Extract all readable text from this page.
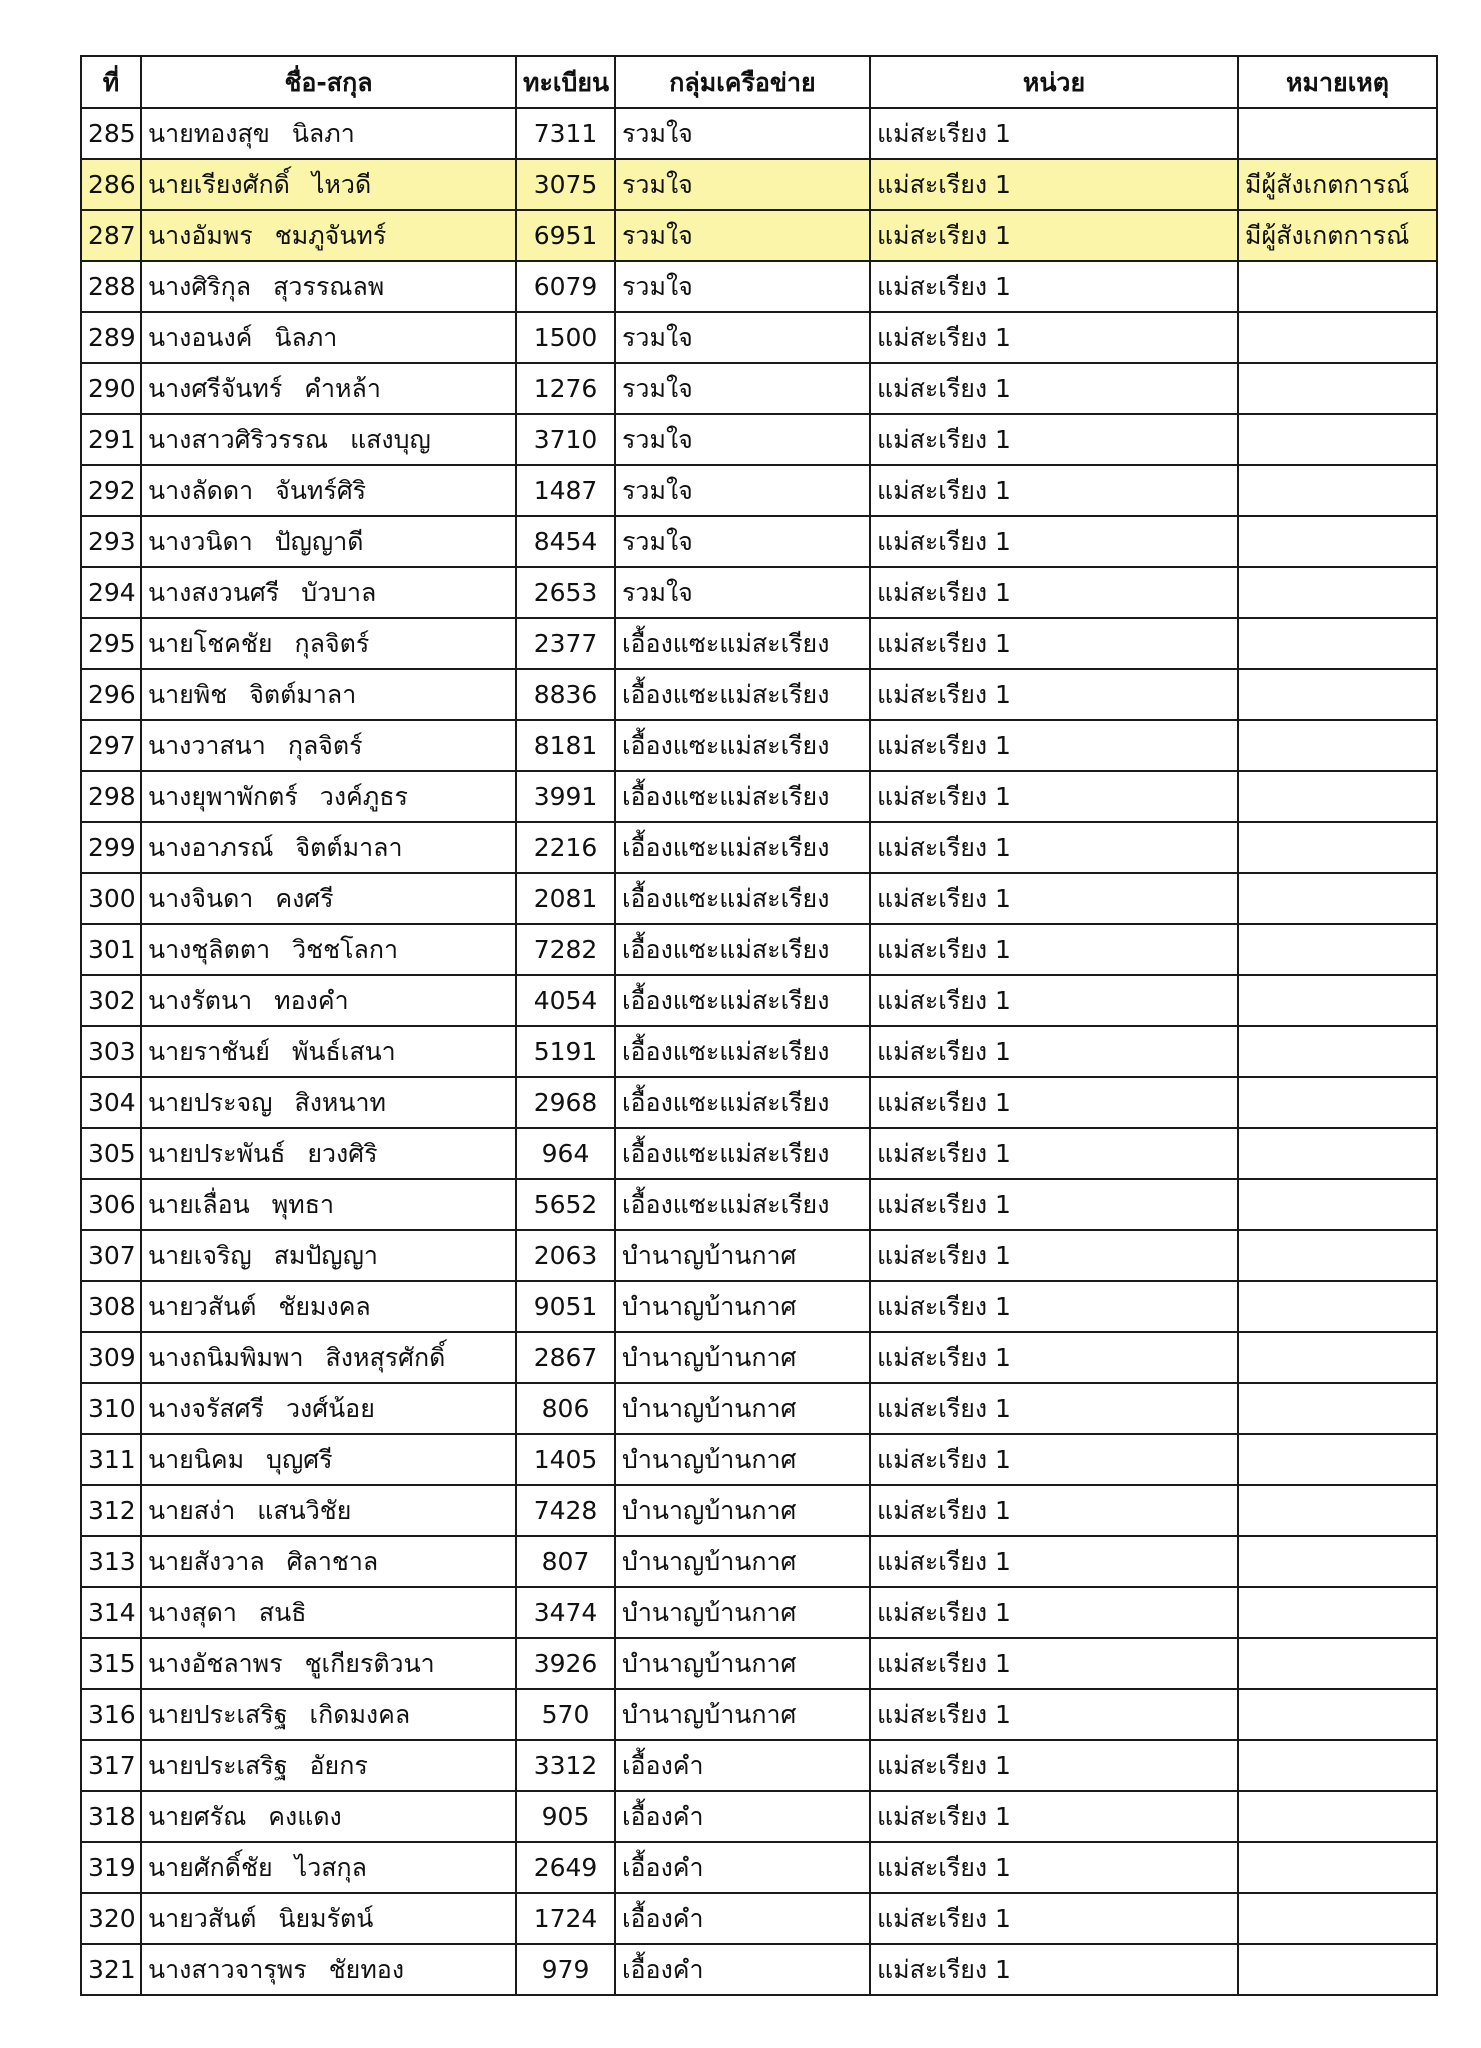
ที่	ชื่อ-สกุล	ทะเบียน	กลุ่มเครือข่าย	หน่วย	หมายเหตุ
285	นายทองสุข นิลภา	7311	รวมใจ	แม่สะเรียง 1	
286	นายเรียงศักดิ์ ไหวดี	3075	รวมใจ	แม่สะเรียง 1	มีผู้สังเกตการณ์
287	นางอัมพร ชมภูจันทร์	6951	รวมใจ	แม่สะเรียง 1	มีผู้สังเกตการณ์
288	นางศิริกุล สุวรรณลพ	6079	รวมใจ	แม่สะเรียง 1	
289	นางอนงค์ นิลภา	1500	รวมใจ	แม่สะเรียง 1	
290	นางศรีจันทร์ คำหล้า	1276	รวมใจ	แม่สะเรียง 1	
291	นางสาวศิริวรรณ แสงบุญ	3710	รวมใจ	แม่สะเรียง 1	
292	นางลัดดา จันทร์ศิริ	1487	รวมใจ	แม่สะเรียง 1	
293	นางวนิดา ปัญญาดี	8454	รวมใจ	แม่สะเรียง 1	
294	นางสงวนศรี บัวบาล	2653	รวมใจ	แม่สะเรียง 1	
295	นายโชคชัย กุลจิตร์	2377	เอื้องแซะแม่สะเรียง	แม่สะเรียง 1	
296	นายพิช จิตต์มาลา	8836	เอื้องแซะแม่สะเรียง	แม่สะเรียง 1	
297	นางวาสนา กุลจิตร์	8181	เอื้องแซะแม่สะเรียง	แม่สะเรียง 1	
298	นางยุพาพักตร์ วงค์ภูธร	3991	เอื้องแซะแม่สะเรียง	แม่สะเรียง 1	
299	นางอาภรณ์ จิตต์มาลา	2216	เอื้องแซะแม่สะเรียง	แม่สะเรียง 1	
300	นางจินดา คงศรี	2081	เอื้องแซะแม่สะเรียง	แม่สะเรียง 1	
301	นางชุลิตตา วิชชโลกา	7282	เอื้องแซะแม่สะเรียง	แม่สะเรียง 1	
302	นางรัตนา ทองคำ	4054	เอื้องแซะแม่สะเรียง	แม่สะเรียง 1	
303	นายราชันย์ พันธ์เสนา	5191	เอื้องแซะแม่สะเรียง	แม่สะเรียง 1	
304	นายประจญ สิงหนาท	2968	เอื้องแซะแม่สะเรียง	แม่สะเรียง 1	
305	นายประพันธ์ ยวงศิริ	964	เอื้องแซะแม่สะเรียง	แม่สะเรียง 1	
306	นายเลื่อน พุทธา	5652	เอื้องแซะแม่สะเรียง	แม่สะเรียง 1	
307	นายเจริญ สมปัญญา	2063	บำนาญบ้านกาศ	แม่สะเรียง 1	
308	นายวสันต์ ชัยมงคล	9051	บำนาญบ้านกาศ	แม่สะเรียง 1	
309	นางถนิมพิมพา สิงหสุรศักดิ์	2867	บำนาญบ้านกาศ	แม่สะเรียง 1	
310	นางจรัสศรี วงศ์น้อย	806	บำนาญบ้านกาศ	แม่สะเรียง 1	
311	นายนิคม บุญศรี	1405	บำนาญบ้านกาศ	แม่สะเรียง 1	
312	นายสง่า แสนวิชัย	7428	บำนาญบ้านกาศ	แม่สะเรียง 1	
313	นายสังวาล ศิลาชาล	807	บำนาญบ้านกาศ	แม่สะเรียง 1	
314	นางสุดา สนธิ	3474	บำนาญบ้านกาศ	แม่สะเรียง 1	
315	นางอัชลาพร ชูเกียรติวนา	3926	บำนาญบ้านกาศ	แม่สะเรียง 1	
316	นายประเสริฐ เกิดมงคล	570	บำนาญบ้านกาศ	แม่สะเรียง 1	
317	นายประเสริฐ อัยกร	3312	เอื้องคำ	แม่สะเรียง 1	
318	นายศรัณ คงแดง	905	เอื้องคำ	แม่สะเรียง 1	
319	นายศักดิ์ชัย ไวสกุล	2649	เอื้องคำ	แม่สะเรียง 1	
320	นายวสันต์ นิยมรัตน์	1724	เอื้องคำ	แม่สะเรียง 1	
321	นางสาวจารุพร ชัยทอง	979	เอื้องคำ	แม่สะเรียง 1	
